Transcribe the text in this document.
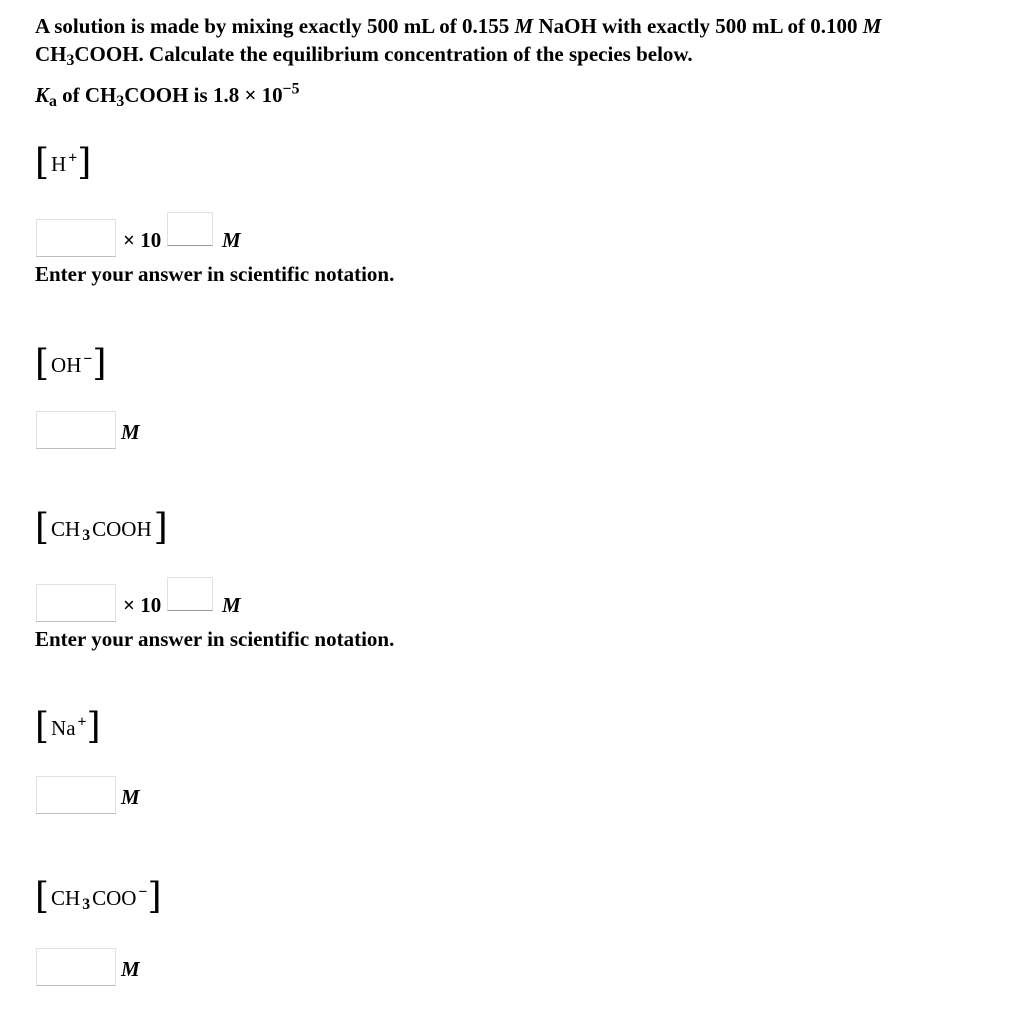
A solution is made by mixing exactly 500 mL of 0.155 M NaOH with exactly 500 mL of 0.100 M
$CH_3COOH$. Calculate the equilibrium concentration of the species below.
$K_a$ of $CH_3COOH$ is $1.8 \times 10^{-5}$
[H +]
× 10	M
Enter your answer in scientific notation.
[OH −]
M
[CH $_3$COOH]
× 10	M
Enter your answer in scientific notation.
[Na +]
M
[CH $_3$COO −]
M
